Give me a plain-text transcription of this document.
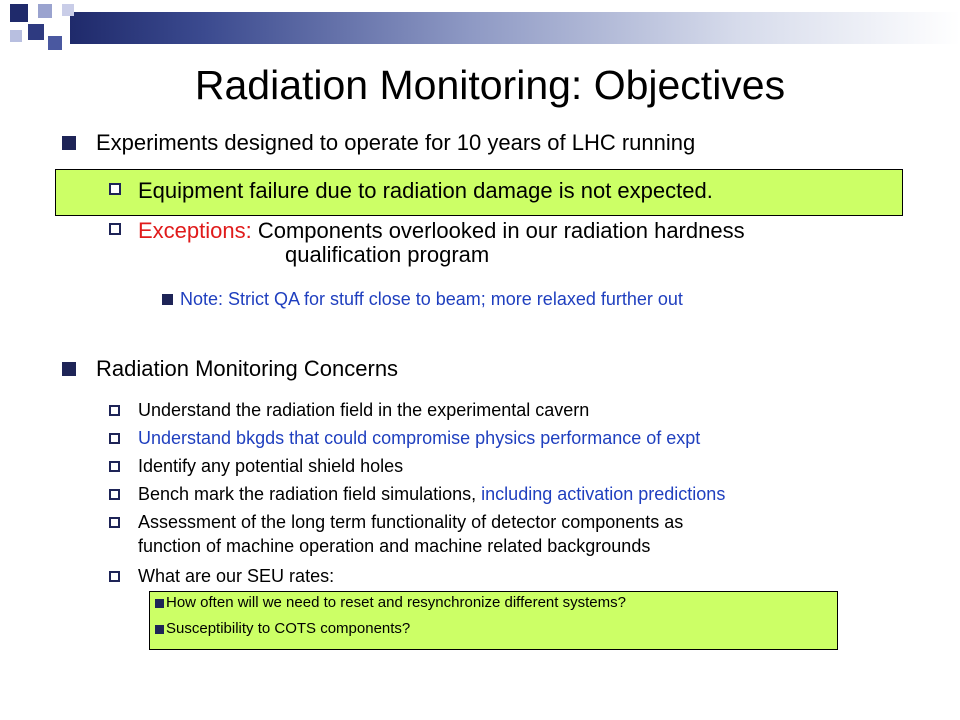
Radiation Monitoring: Objectives
Experiments designed to operate for 10 years of LHC running
Equipment failure due to radiation damage is not expected.
Exceptions: Components overlooked in our radiation hardness
qualification program
Note: Strict QA for stuff close to beam; more relaxed further out
Radiation Monitoring Concerns
Understand the radiation field in the experimental cavern
Understand bkgds that could compromise physics performance of expt
Identify any potential shield holes
Bench mark the radiation field simulations, including activation predictions
Assessment of the long term functionality of detector components as
function of machine operation and machine related backgrounds
What are our SEU rates:
How often will we need to reset and resynchronize different systems?
Susceptibility to COTS components?
